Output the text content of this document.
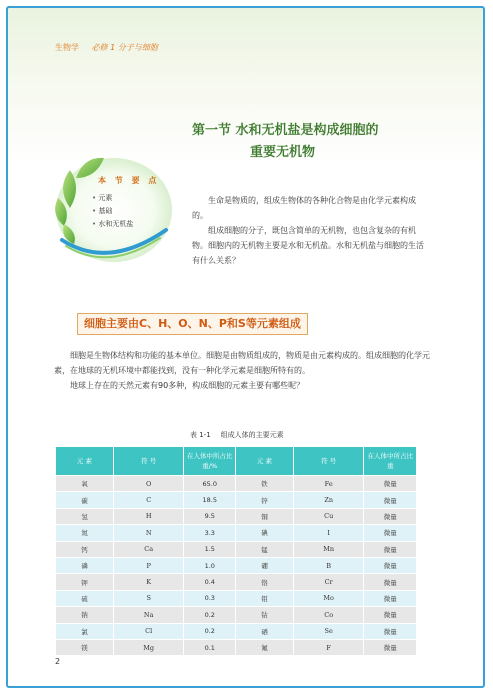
生物学 必修 1 分子与细胞
第一节 水和无机盐是构成细胞的
重要无机物
本 节 要 点
• 元素
• 基础
• 水和无机盐

生命是物质的，组成生物体的各种化合物是由化学元素构成的。

组成细胞的分子，既包含简单的无机物，也包含复杂的有机物。细胞内的无机物主要是水和无机盐。水和无机盐与细胞的生活有什么关系？

细胞主要由C、H、O、N、P和S等元素组成

细胞是生物体结构和功能的基本单位。细胞是由物质组成的，物质是由元素构成的。组成细胞的化学元素，在地球的无机环境中都能找到，没有一种化学元素是细胞所特有的。

地球上存在的天然元素有90多种，构成细胞的元素主要有哪些呢？

表 1-1 组成人体的主要元素
元 素	符 号	在人体中所占比重/%	元 素	符 号	在人体中所占比重
氧	O	65.0	铁	Fe	微量
碳	C	18.5	锌	Zn	微量
氢	H	9.5	铜	Cu	微量
氮	N	3.3	碘	I	微量
钙	Ca	1.5	锰	Mn	微量
磷	P	1.0	硼	B	微量
钾	K	0.4	铬	Cr	微量
硫	S	0.3	钼	Mo	微量
钠	Na	0.2	钴	Co	微量
氯	Cl	0.2	硒	Se	微量
镁	Mg	0.1	氟	F	微量
2
